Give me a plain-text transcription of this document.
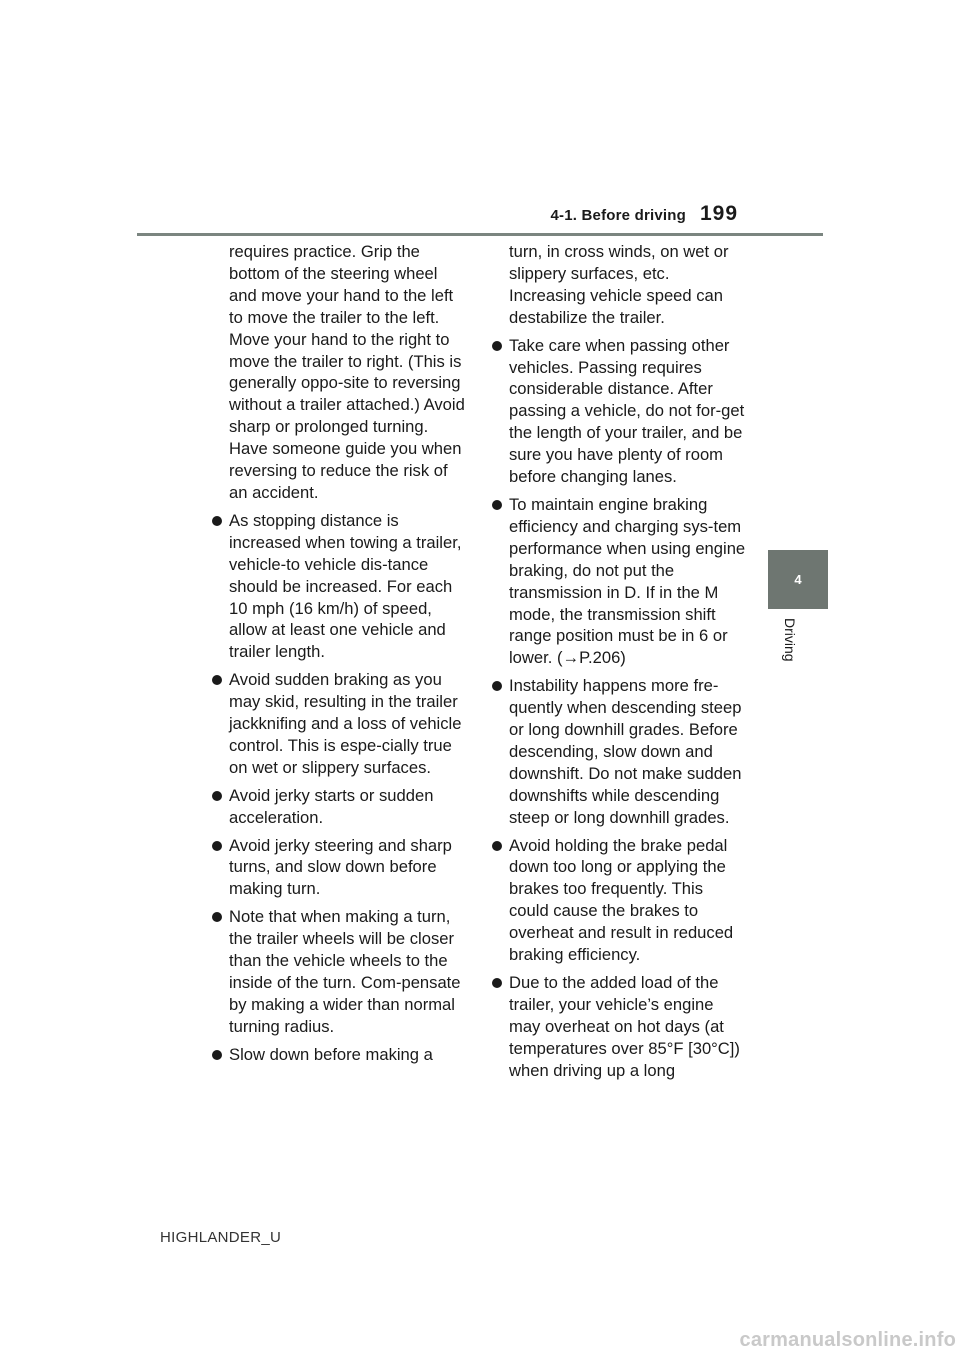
4-1. Before driving 199
4
Driving

requires practice. Grip the bottom of the steering wheel and move your hand to the left to move the trailer to the left. Move your hand to the right to move the trailer to right. (This is generally oppo-site to reversing without a trailer attached.) Avoid sharp or prolonged turning. Have someone guide you when reversing to reduce the risk of an accident.

As stopping distance is increased when towing a trailer, vehicle-to vehicle dis-tance should be increased. For each 10 mph (16 km/h) of speed, allow at least one vehicle and trailer length.
Avoid sudden braking as you may skid, resulting in the trailer jackknifing and a loss of vehicle control. This is espe-cially true on wet or slippery surfaces.
Avoid jerky starts or sudden acceleration.
Avoid jerky steering and sharp turns, and slow down before making turn.
Note that when making a turn, the trailer wheels will be closer than the vehicle wheels to the inside of the turn. Com-pensate by making a wider than normal turning radius.
Slow down before making a

turn, in cross winds, on wet or slippery surfaces, etc. Increasing vehicle speed can destabilize the trailer.

Take care when passing other vehicles. Passing requires considerable distance. After passing a vehicle, do not for-get the length of your trailer, and be sure you have plenty of room before changing lanes.
To maintain engine braking efficiency and charging sys-tem performance when using engine braking, do not put the transmission in D. If in the M mode, the transmission shift range position must be in 6 or lower. (→P.206)
Instability happens more fre-quently when descending steep or long downhill grades. Before descending, slow down and downshift. Do not make sudden downshifts while descending steep or long downhill grades.
Avoid holding the brake pedal down too long or applying the brakes too frequently. This could cause the brakes to overheat and result in reduced braking efficiency.
Due to the added load of the trailer, your vehicle’s engine may overheat on hot days (at temperatures over 85°F [30°C]) when driving up a long
HIGHLANDER_U
carmanualsonline.info
